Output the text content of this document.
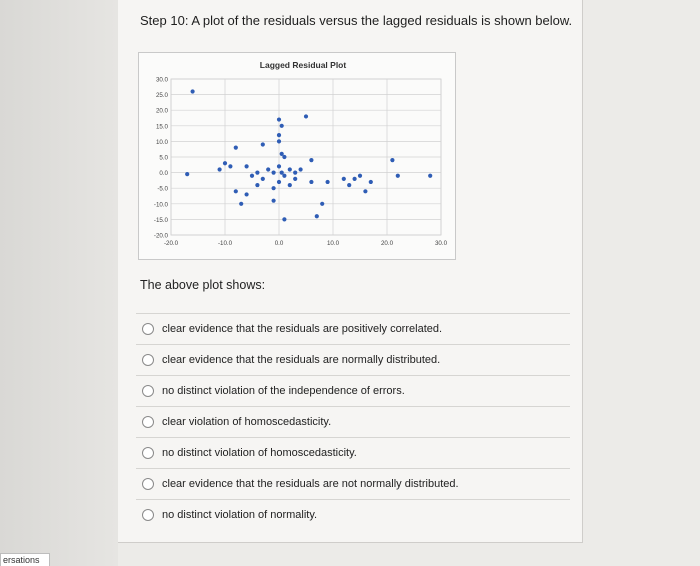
Step 10: A plot of the residuals versus the lagged residuals is shown below.
Lagged Residual Plot
30.0
25.0
20.0
15.0
10.0
5.0
0.0
-5.0
-10.0
-15.0
-20.0
-20.0	-10.0	0.0	10.0	20.0	30.0
The above plot shows:
clear evidence that the residuals are positively correlated.
clear evidence that the residuals are normally distributed.
no distinct violation of the independence of errors.
clear violation of homoscedasticity.
no distinct violation of homoscedasticity.
clear evidence that the residuals are not normally distributed.
no distinct violation of normality.
ersations
